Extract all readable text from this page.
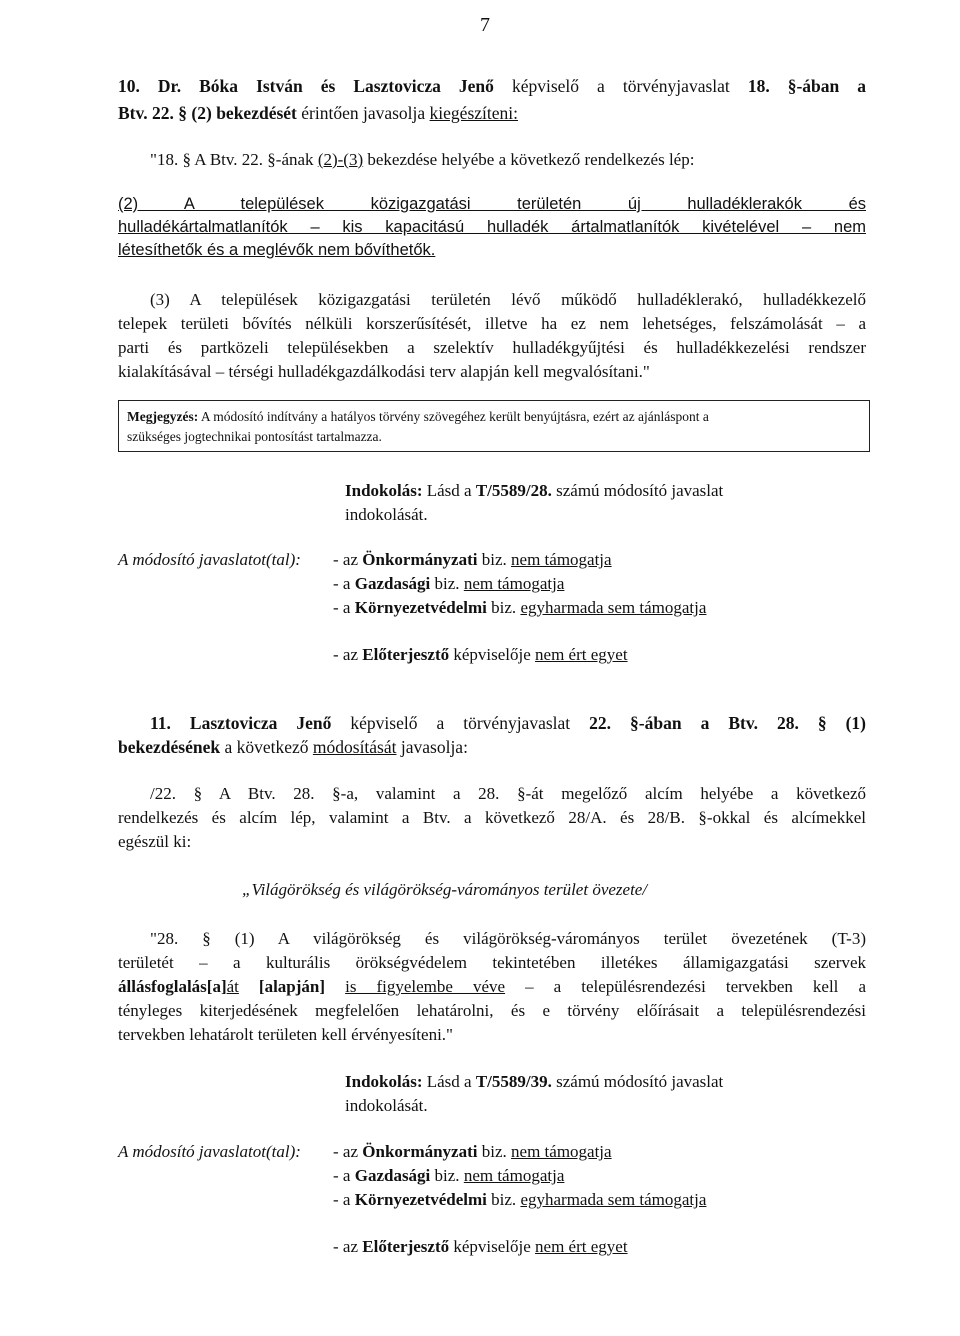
7
10. Dr. Bóka István és Lasztovicza Jenő képviselő a törvényjavaslat 18. §-ában a
Btv. 22. § (2) bekezdését érintően javasolja kiegészíteni:
"18. § A Btv. 22. §-ának (2)-(3) bekezdése helyébe a következő rendelkezés lép:
(2) A települések közigazgatási területén új hulladéklerakók és
hulladékártalmatlanítók – kis kapacitású hulladék ártalmatlanítók kivételével – nem
létesíthetők és a meglévők nem bővíthetők.
(3) A települések közigazgatási területén lévő működő hulladéklerakó, hulladékkezelő
telepek területi bővítés nélküli korszerűsítését, illetve ha ez nem lehetséges, felszámolását – a
parti és partközeli településekben a szelektív hulladékgyűjtési és hulladékkezelési rendszer
kialakításával – térségi hulladékgazdálkodási terv alapján kell megvalósítani."
Megjegyzés: A módosító indítvány a hatályos törvény szövegéhez került benyújtásra, ezért az ajánláspont a
szükséges jogtechnikai pontosítást tartalmazza.
Indokolás: Lásd a T/5589/28. számú módosító javaslat
indokolását.
A módosító javaslatot(tal): - az Önkormányzati biz. nem támogatja
- a Gazdasági biz. nem támogatja
- a Környezetvédelmi biz. egyharmada sem támogatja
- az Előterjesztő képviselője nem ért egyet
11. Lasztovicza Jenő képviselő a törvényjavaslat 22. §-ában a Btv. 28. § (1)
bekezdésének a következő módosítását javasolja:
/22. § A Btv. 28. §-a, valamint a 28. §-át megelőző alcím helyébe a következő
rendelkezés és alcím lép, valamint a Btv. a következő 28/A. és 28/B. §-okkal és alcímekkel
egészül ki:
„Világörökség és világörökség-várományos terület övezete/
"28. § (1) A világörökség és világörökség-várományos terület övezetének (T-3)
területét – a kulturális örökségvédelem tekintetében illetékes államigazgatási szervek
állásfoglalás[a]át [alapján] is figyelembe véve – a településrendezési tervekben kell a
tényleges kiterjedésének megfelelően lehatárolni, és e törvény előírásait a településrendezési
tervekben lehatárolt területen kell érvényesíteni."
Indokolás: Lásd a T/5589/39. számú módosító javaslat
indokolását.
A módosító javaslatot(tal): - az Önkormányzati biz. nem támogatja
- a Gazdasági biz. nem támogatja
- a Környezetvédelmi biz. egyharmada sem támogatja
- az Előterjesztő képviselője nem ért egyet
